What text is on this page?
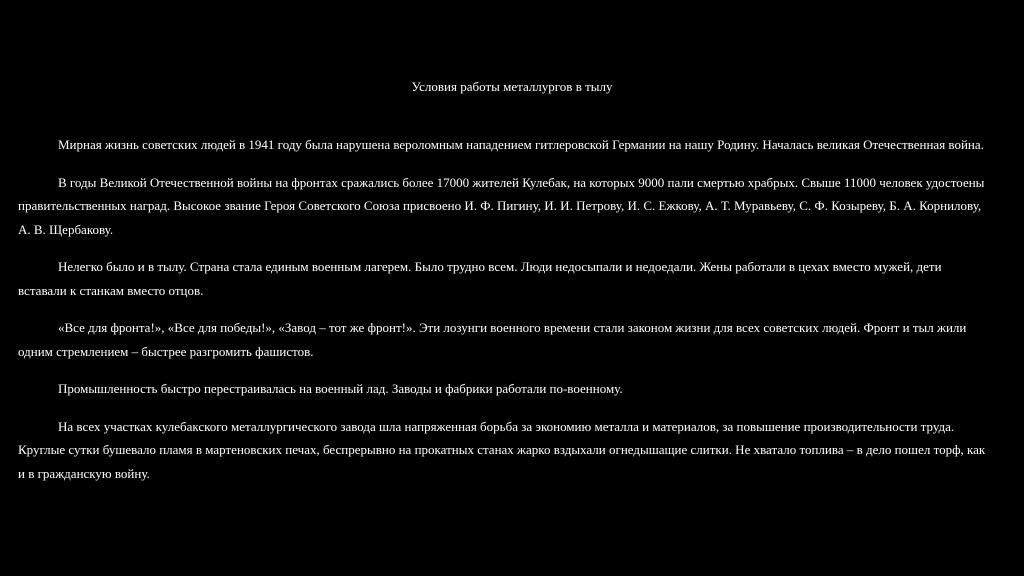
Условия работы металлургов в тылу

Мирная жизнь советских людей в 1941 году была нарушена вероломным нападением гитлеровской Германии на нашу Родину. Началась великая Отечественная война.

В годы Великой Отечественной войны на фронтах сражались более 17000 жителей Кулебак, на которых 9000 пали смертью храбрых. Свыше 11000 человек удостоены правительственных наград. Высокое звание Героя Советского Союза присвоено И. Ф. Пигину, И. И. Петрову, И. С. Ежкову, А. Т. Муравьеву, С. Ф. Козыреву, Б. А. Корнилову, А. В. Щербакову.

Нелегко было и в тылу. Страна стала единым военным лагерем. Было трудно всем. Люди недосыпали и недоедали. Жены работали в цехах вместо мужей, дети вставали к станкам вместо отцов.

«Все для фронта!», «Все для победы!», «Завод – тот же фронт!». Эти лозунги военного времени стали законом жизни для всех советских людей. Фронт и тыл жили одним стремлением – быстрее разгромить фашистов.

Промышленность быстро перестраивалась на военный лад. Заводы и фабрики работали по-военному.

На всех участках кулебакского металлургического завода шла напряженная борьба за экономию металла и материалов, за повышение производительности труда. Круглые сутки бушевало пламя в мартеновских печах, беспрерывно на прокатных станах жарко вздыхали огнедышащие слитки. Не хватало топлива – в дело пошел торф, как и в гражданскую войну.
